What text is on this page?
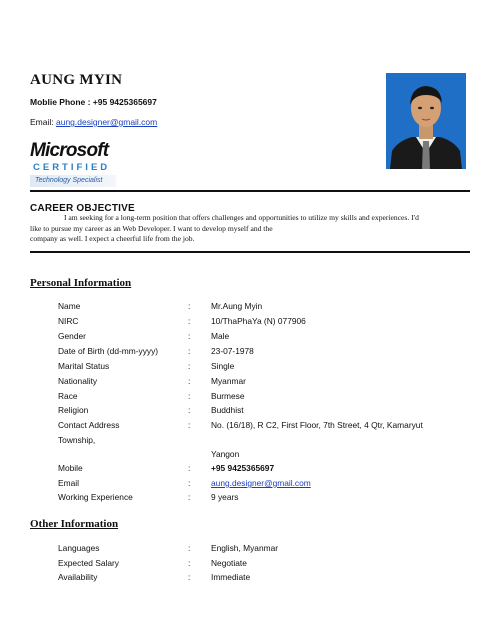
AUNG MYIN
Moblie Phone : +95 9425365697
Email: aung.designer@gmail.com
Microsoft
CERTIFIED
Technology Specialist
CAREER OBJECTIVE

I am seeking for a long-term position that offers challenges and opportunities to utilize my skills and experiences. I'd

like to pursue my career as an Web Developer. I want to develop myself and the

company as well. I expect a cheerful life from the job.

Personal Information
Name	: Mr.Aung Myin
NIRC	: 10/ThaPhaYa (N) 077906
Gender	: Male
Date of Birth (dd-mm-yyyy)	: 23-07-1978
Marital Status	: Single
Nationality	: Myanmar
Race	: Burmese
Religion	: Buddhist
Contact Address	: No. (16/18), R C2, First Floor, 7th Street, 4 Qtr, Kamaryut
Township,
Yangon
Mobile	: +95 9425365697
Email	: aung.designer@gmail.com
Working Experience	: 9 years
Other Information
Languages	: English, Myanmar
Expected Salary	: Negotiate
Availability	: Immediate
